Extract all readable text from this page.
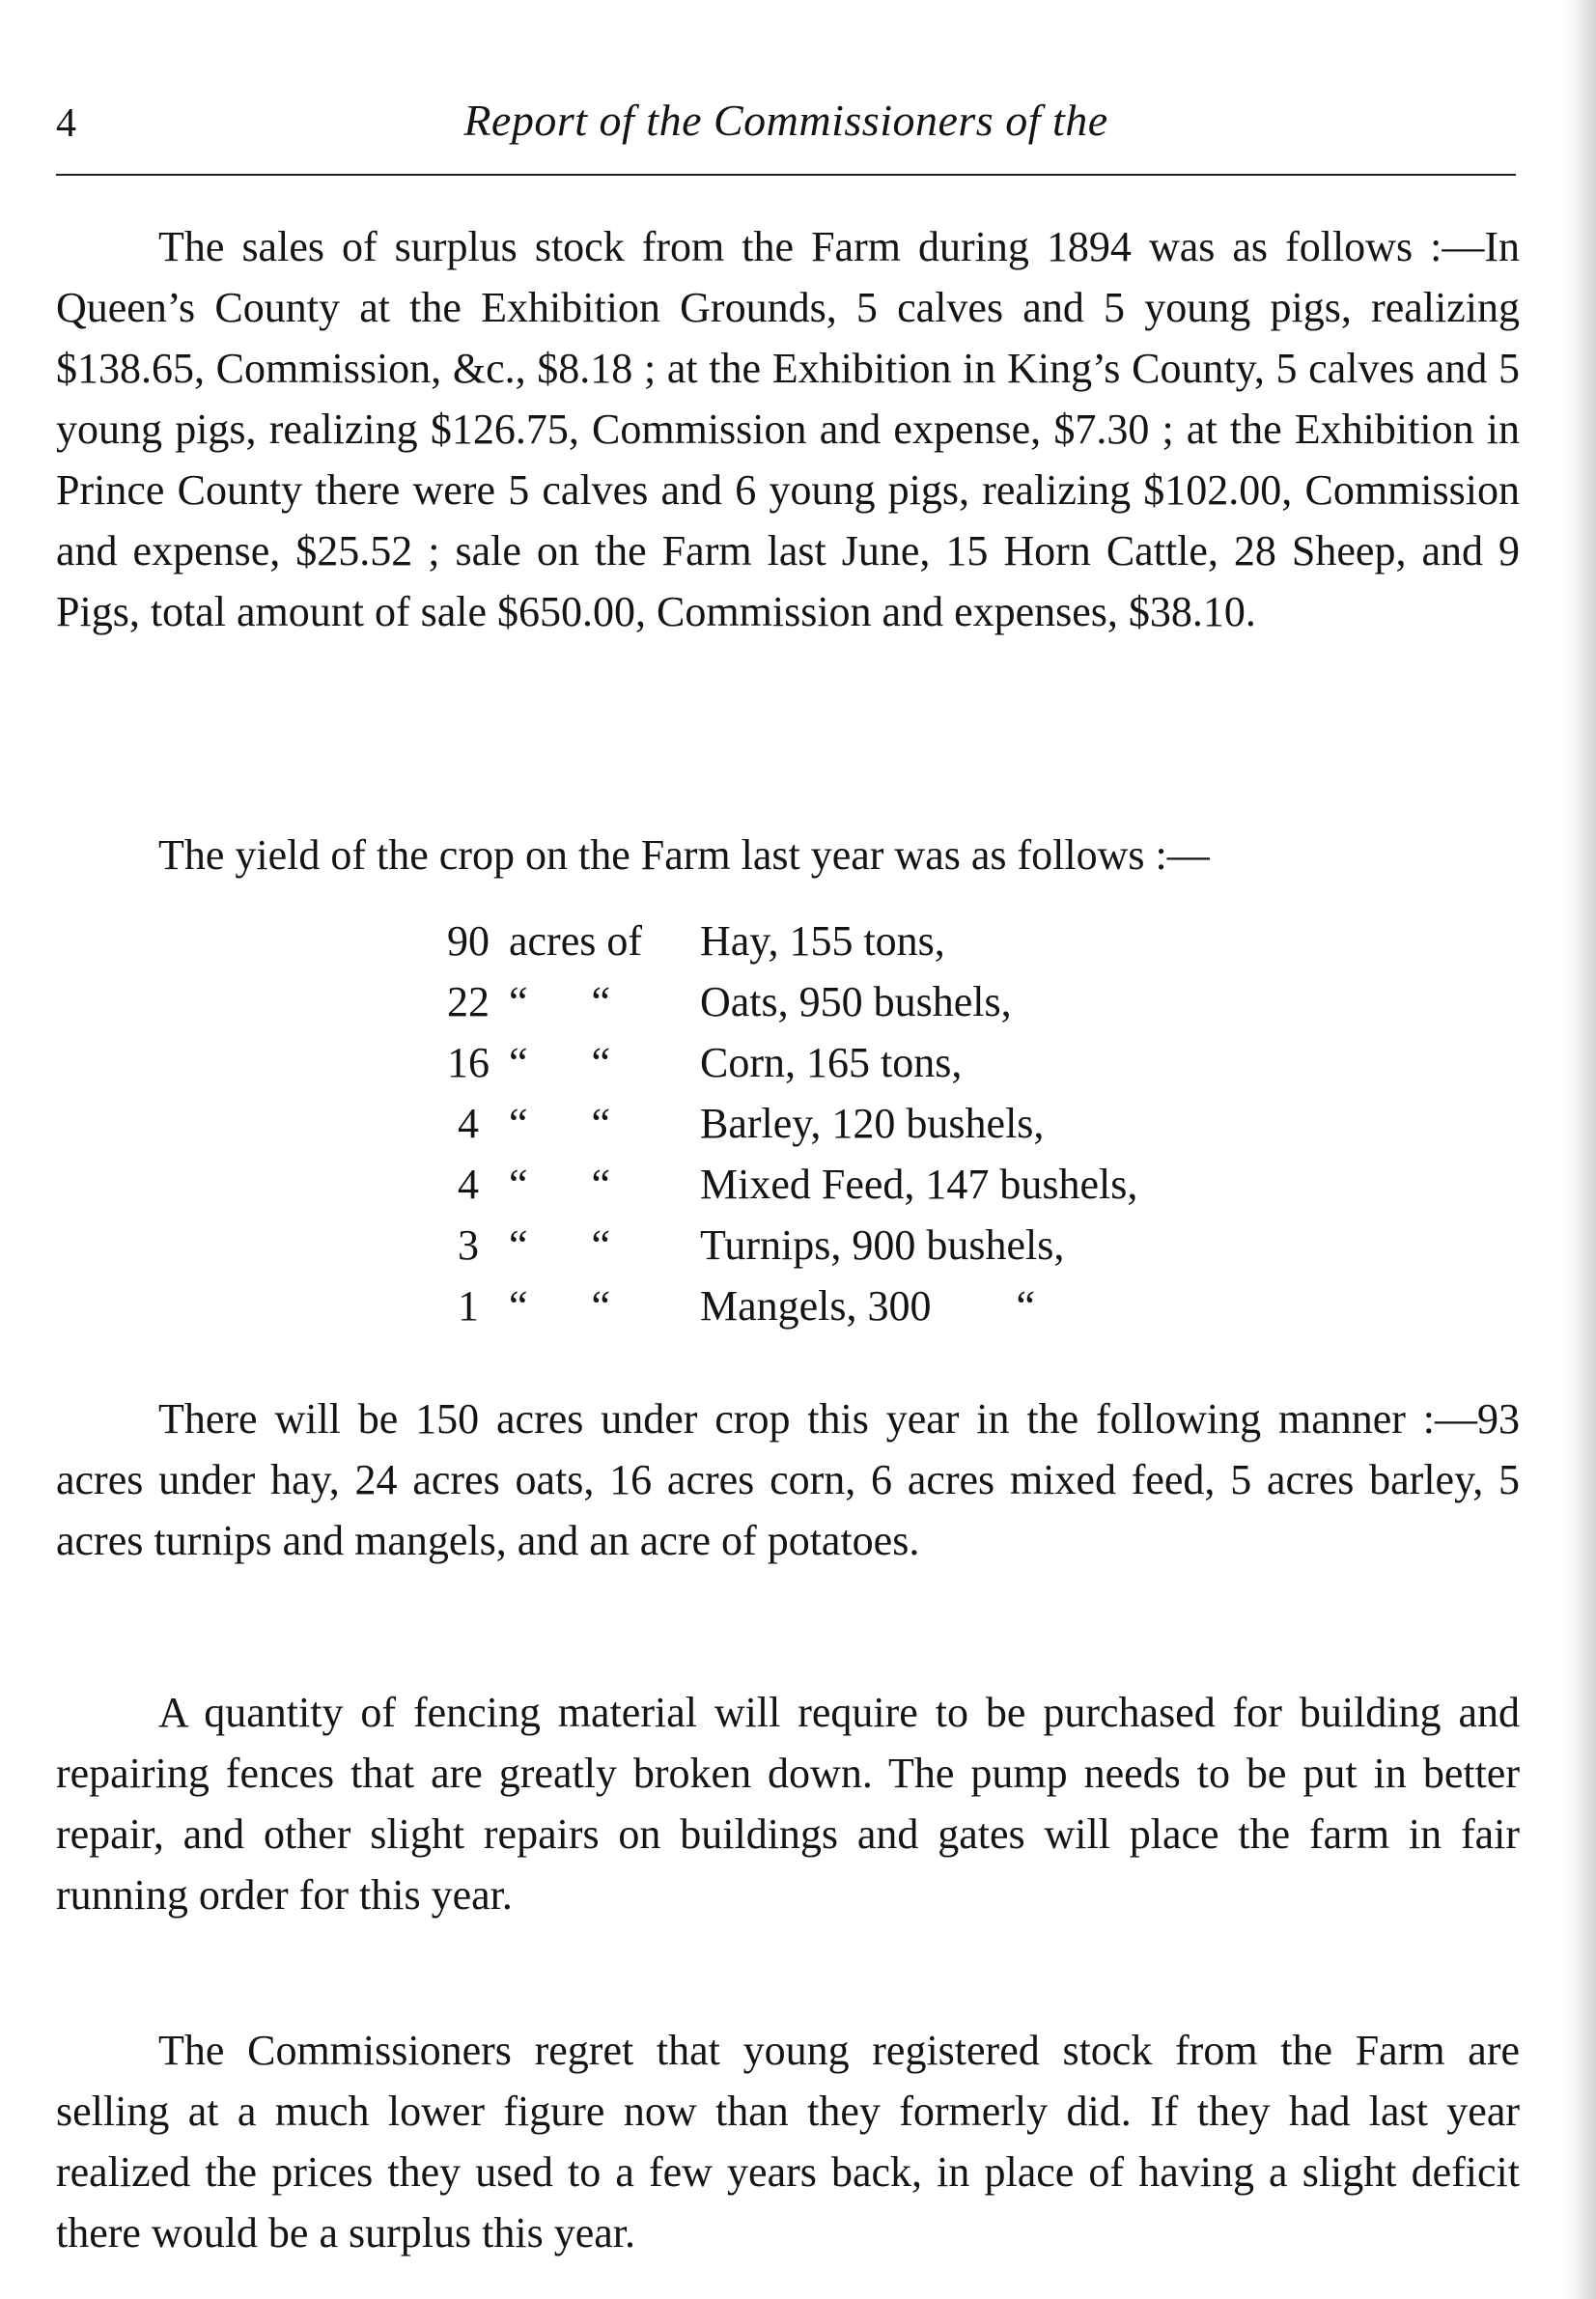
4	Report of the Commissioners of the

The sales of surplus stock from the Farm during 1894 was as follows :—In Queen’s County at the Exhibition Grounds, 5 calves and 5 young pigs, realizing $138.65, Commission, &c., $8.18 ; at the Exhibition in King’s County, 5 calves and 5 young pigs, realizing $126.75, Commission and expense, $7.30 ; at the Exhibition in Prince County there were 5 calves and 6 young pigs, realizing $102.00, Commission and expense, $25.52 ; sale on the Farm last June, 15 Horn Cattle, 28 Sheep, and 9 Pigs, total amount of sale $650.00, Commission and expenses, $38.10.

The yield of the crop on the Farm last year was as follows :—

90 acres of	Hay, 155 tons,
22 “      “	Oats, 950 bushels,
16 “      “	Corn, 165 tons,
4 “      “	Barley, 120 bushels,
4 “      “	Mixed Feed, 147 bushels,
3 “      “	Turnips, 900 bushels,
1 “      “	Mangels, 300        “

There will be 150 acres under crop this year in the following manner :—93 acres under hay, 24 acres oats, 16 acres corn, 6 acres mixed feed, 5 acres barley, 5 acres turnips and mangels, and an acre of potatoes.

A quantity of fencing material will require to be purchased for building and repairing fences that are greatly broken down. The pump needs to be put in better repair, and other slight repairs on buildings and gates will place the farm in fair running order for this year.

The Commissioners regret that young registered stock from the Farm are selling at a much lower figure now than they formerly did. If they had last year realized the prices they used to a few years back, in place of having a slight deficit there would be a surplus this year.
